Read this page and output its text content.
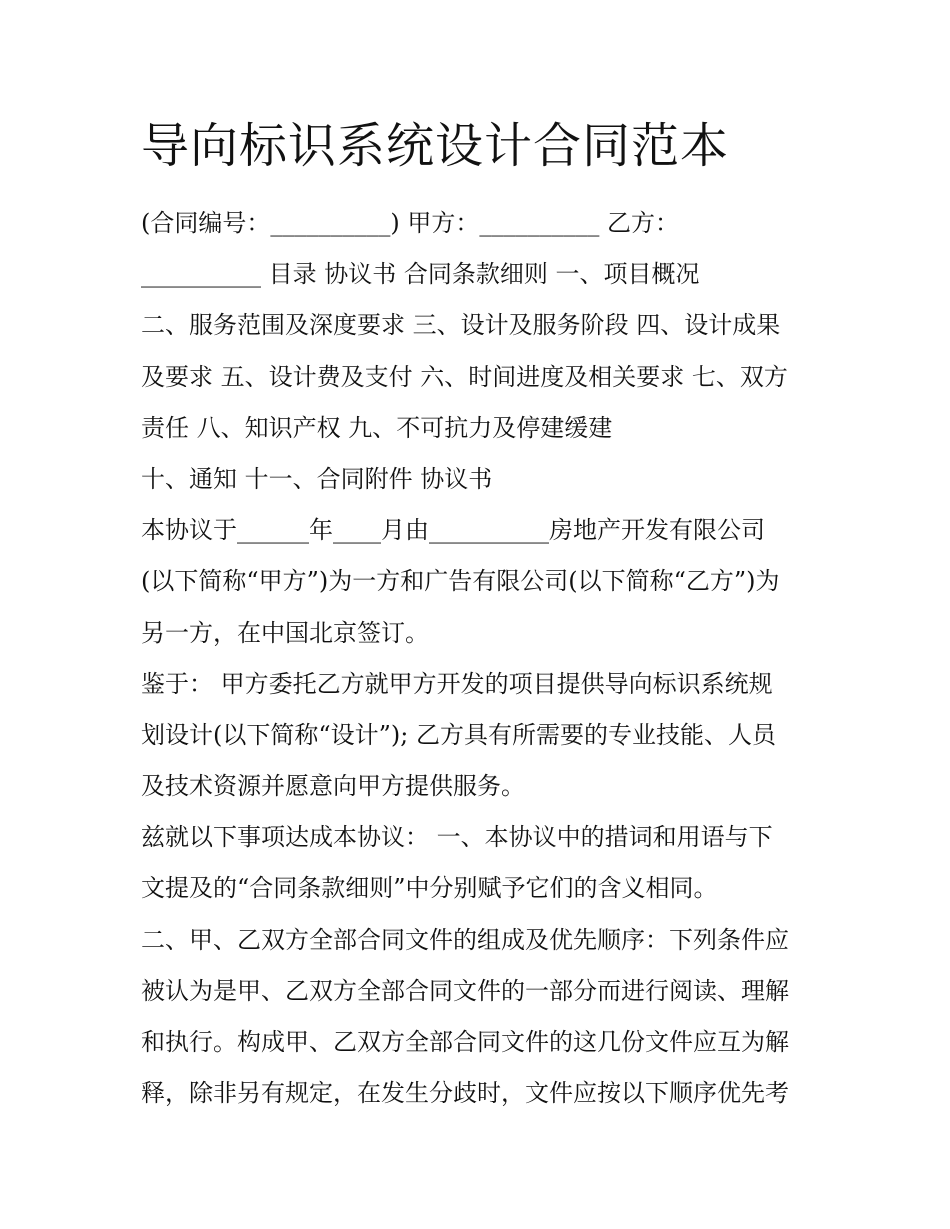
导向标识系统设计合同范本
(合同编号：__________) 甲方：__________ 乙方：
__________ 目录 协议书 合同条款细则 一、项目概况
二、服务范围及深度要求 三、设计及服务阶段 四、设计成果
及要求 五、设计费及支付 六、时间进度及相关要求 七、双方
责任 八、知识产权 九、不可抗力及停建缓建
十、通知 十一、合同附件 协议书
本协议于______年____月由__________房地产开发有限公司
(以下简称“甲方”)为一方和广告有限公司(以下简称“乙方”)为
另一方，在中国北京签订。
鉴于： 甲方委托乙方就甲方开发的项目提供导向标识系统规
划设计(以下简称“设计”); 乙方具有所需要的专业技能、人员
及技术资源并愿意向甲方提供服务。
兹就以下事项达成本协议： 一、本协议中的措词和用语与下
文提及的“合同条款细则”中分别赋予它们的含义相同。
二、甲、乙双方全部合同文件的组成及优先顺序：下列条件应
被认为是甲、乙双方全部合同文件的一部分而进行阅读、理解
和执行。构成甲、乙双方全部合同文件的这几份文件应互为解
释，除非另有规定，在发生分歧时，文件应按以下顺序优先考
